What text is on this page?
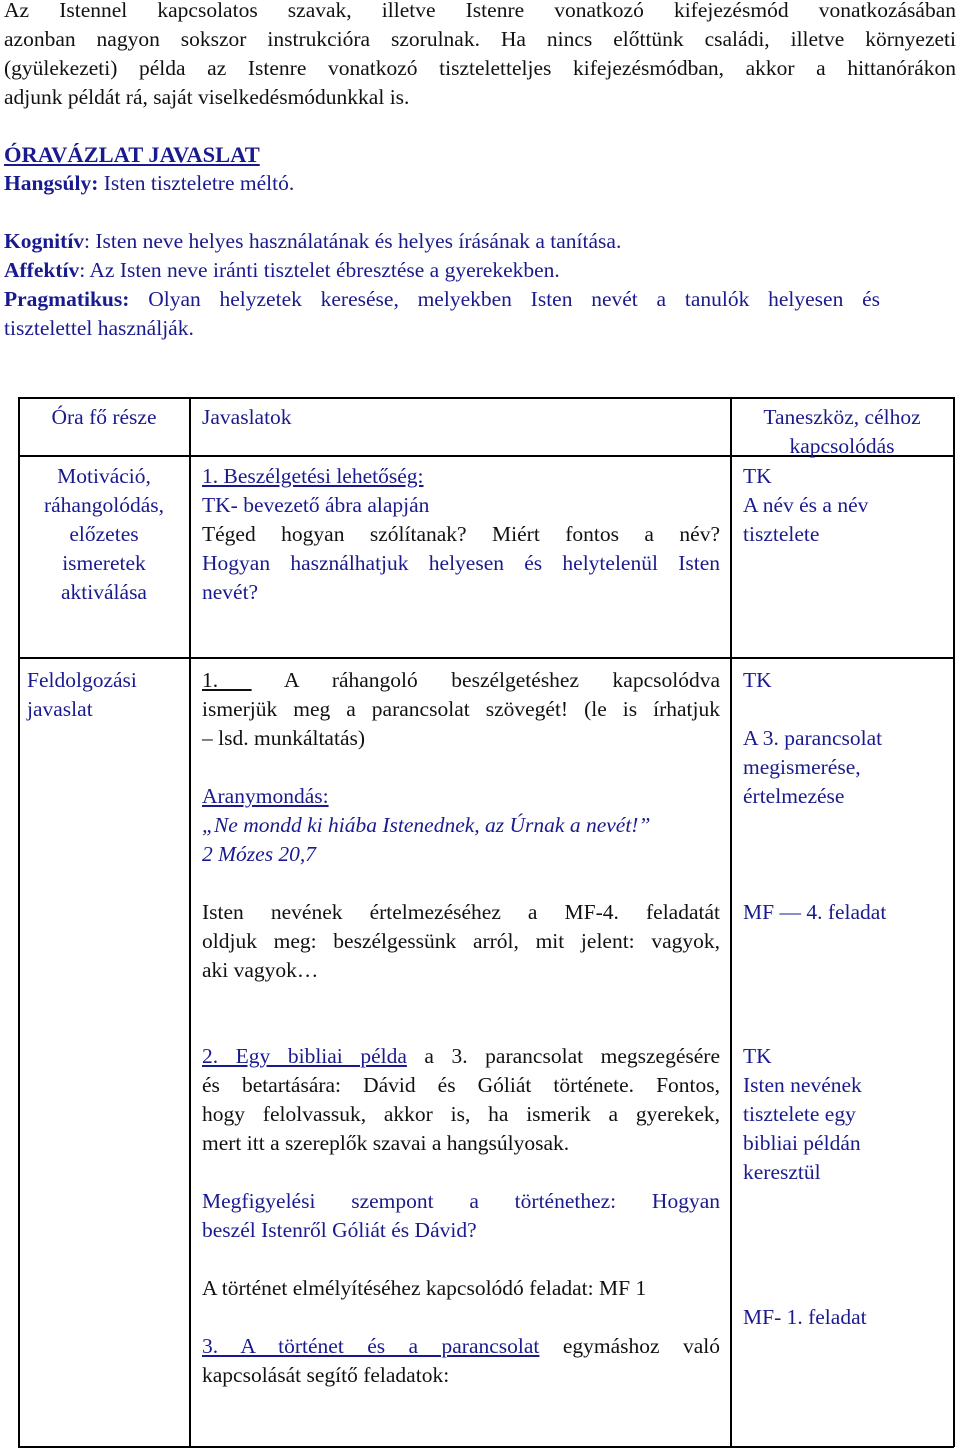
Az Istennel kapcsolatos szavak, illetve Istenre vonatkozó kifejezésmód vonatkozásában
azonban nagyon sokszor instrukcióra szorulnak. Ha nincs előttünk családi, illetve környezeti
(gyülekezeti) példa az Istenre vonatkozó tiszteletteljes kifejezésmódban, akkor a hittanórákon
adjunk példát rá, saját viselkedésmódunkkal is.
ÓRAVÁZLAT JAVASLAT
Hangsúly: Isten tiszteletre méltó.
Kognitív: Isten neve helyes használatának és helyes írásának a tanítása.
Affektív: Az Isten neve iránti tisztelet ébresztése a gyerekekben.
Pragmatikus: Olyan helyzetek keresése, melyekben Isten nevét a tanulók helyesen és
tisztelettel használják.
Óra fő része	Javaslatok	Taneszköz, célhoz
kapcsolódás
Motiváció,
ráhangolódás,
előzetes
ismeretek
aktiválása
1. Beszélgetési lehetőség:
TK- bevezető ábra alapján
Téged hogyan szólítanak? Miért fontos a név?
Hogyan használhatjuk helyesen és helytelenül Isten
nevét?
TK
A név és a név
tisztelete
Feldolgozási
javaslat
1.  A ráhangoló beszélgetéshez kapcsolódva
ismerjük meg a parancsolat szövegét! (le is írhatjuk
– lsd. munkáltatás)
Aranymondás:
„Ne mondd ki hiába Istenednek, az Úrnak a nevét!”
2 Mózes 20,7
Isten nevének értelmezéséhez a MF-4. feladatát
oldjuk meg: beszélgessünk arról, mit jelent: vagyok,
aki vagyok…
TK
A 3. parancsolat
megismerése,
értelmezése
MF — 4. feladat
2. Egy bibliai példa a 3. parancsolat megszegésére
és betartására: Dávid és Góliát története. Fontos,
hogy felolvassuk, akkor is, ha ismerik a gyerekek,
mert itt a szereplők szavai a hangsúlyosak.
Megfigyelési szempont a történethez: Hogyan
beszél Istenről Góliát és Dávid?
A történet elmélyítéséhez kapcsolódó feladat: MF 1
3. A történet és a parancsolat egymáshoz való
kapcsolását segítő feladatok:
TK
Isten nevének
tisztelete egy
bibliai példán
keresztül
MF- 1. feladat
